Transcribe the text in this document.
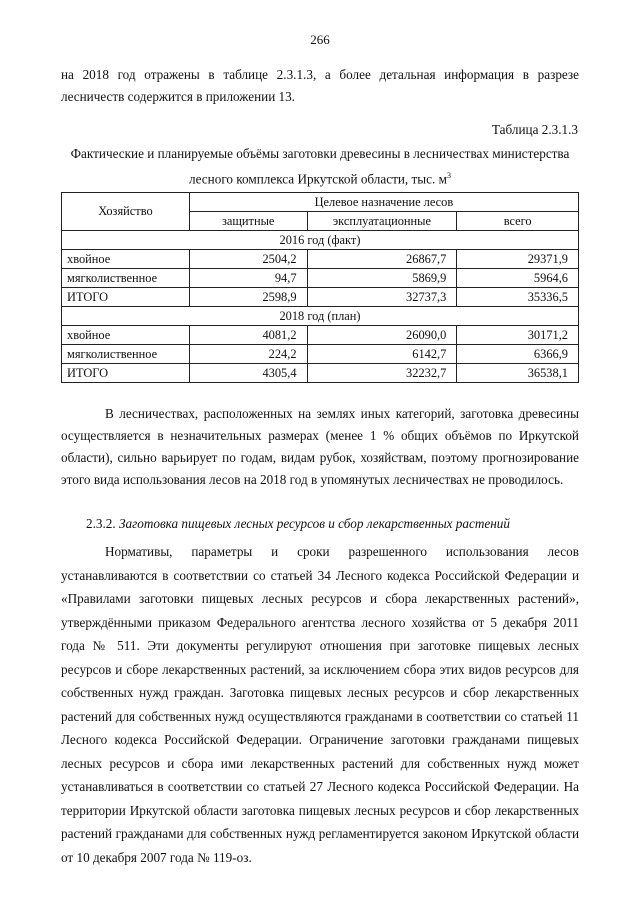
266

на 2018 год отражены в таблице 2.3.1.3, а более детальная информация в разрезе лесничеств содержится в приложении 13.

Таблица 2.3.1.3
Фактические и планируемые объёмы заготовки древесины в лесничествах министерства лесного комплекса Иркутской области, тыс. $м^3$
Хозяйство	Целевое назначение лесов		
	защитные	эксплуатационные	всего
2016 год (факт)			
хвойное	2504,2	26867,7	29371,9
мягколиственное	94,7	5869,9	5964,6
ИТОГО	2598,9	32737,3	35336,5
2018 год (план)			
хвойное	4081,2	26090,0	30171,2
мягколиственное	224,2	6142,7	6366,9
ИТОГО	4305,4	32232,7	36538,1

В лесничествах, расположенных на землях иных категорий, заготовка древесины осуществляется в незначительных размерах (менее 1 % общих объёмов по Иркутской области), сильно варьирует по годам, видам рубок, хозяйствам, поэтому прогнозирование этого вида использования лесов на 2018 год в упомянутых лесничествах не проводилось.

2.3.2. Заготовка пищевых лесных ресурсов и сбор лекарственных растений

Нормативы, параметры и сроки разрешенного использования лесов устанавливаются в соответствии со статьей 34 Лесного кодекса Российской Федерации и «Правилами заготовки пищевых лесных ресурсов и сбора лекарственных растений», утверждёнными приказом Федерального агентства лесного хозяйства от 5 декабря 2011 года № 511. Эти документы регулируют отношения при заготовке пищевых лесных ресурсов и сборе лекарственных растений, за исключением сбора этих видов ресурсов для собственных нужд граждан. Заготовка пищевых лесных ресурсов и сбор лекарственных растений для собственных нужд осуществляются гражданами в соответствии со статьей 11 Лесного кодекса Российской Федерации. Ограничение заготовки гражданами пищевых лесных ресурсов и сбора ими лекарственных растений для собственных нужд может устанавливаться в соответствии со статьей 27 Лесного кодекса Российской Федерации. На территории Иркутской области заготовка пищевых лесных ресурсов и сбор лекарственных растений гражданами для собственных нужд регламентируется законом Иркутской области от 10 декабря 2007 года № 119-оз.
